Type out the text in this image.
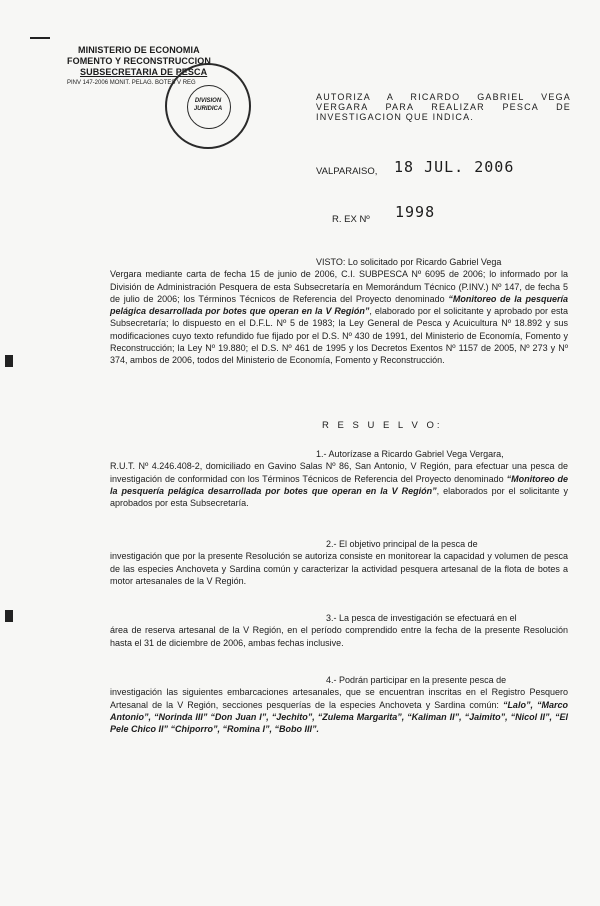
MINISTERIO DE ECONOMIA
FOMENTO Y RECONSTRUCCION
SUBSECRETARIA DE PESCA
PINV 147-2006 MONIT. PELAG. BOTES V REG
DIVISION
JURIDICA
AUTORIZA A RICARDO GABRIEL VEGA VERGARA PARA REALIZAR PESCA DE INVESTIGACION QUE INDICA.
VALPARAISO, 18 JUL. 2006
R. EX Nº 1998
VISTO: Lo solicitado por Ricardo Gabriel Vega
Vergara mediante carta de fecha 15 de junio de 2006, C.I. SUBPESCA Nº 6095 de 2006; lo informado por la División de Administración Pesquera de esta Subsecretaría en Memorándum Técnico (P.INV.) Nº 147, de fecha 5 de julio de 2006; los Términos Técnicos de Referencia del Proyecto denominado “Monitoreo de la pesquería pelágica desarrollada por botes que operan en la V Región”, elaborado por el solicitante y aprobado por esta Subsecretaría; lo dispuesto en el D.F.L. Nº 5 de 1983; la Ley General de Pesca y Acuicultura Nº 18.892 y sus modificaciones cuyo texto refundido fue fijado por el D.S. Nº 430 de 1991, del Ministerio de Economía, Fomento y Reconstrucción; la Ley Nº 19.880; el D.S. Nº 461 de 1995 y los Decretos Exentos Nº 1157 de 2005, Nº 273 y Nº 374, ambos de 2006, todos del Ministerio de Economía, Fomento y Reconstrucción.
R E S U E L V O:
1.- Autorízase a Ricardo Gabriel Vega Vergara,
R.U.T. Nº 4.246.408-2, domiciliado en Gavino Salas Nº 86, San Antonio, V Región, para efectuar una pesca de investigación de conformidad con los Términos Técnicos de Referencia del Proyecto denominado “Monitoreo de la pesquería pelágica desarrollada por botes que operan en la V Región”, elaborados por el solicitante y aprobados por esta Subsecretaría.
2.- El objetivo principal de la pesca de
investigación que por la presente Resolución se autoriza consiste en monitorear la capacidad y volumen de pesca de las especies Anchoveta y Sardina común y caracterizar la actividad pesquera artesanal de la flota de botes a motor artesanales de la V Región.
3.- La pesca de investigación se efectuará en el
área de reserva artesanal de la V Región, en el período comprendido entre la fecha de la presente Resolución hasta el 31 de diciembre de 2006, ambas fechas inclusive.
4.- Podrán participar en la presente pesca de
investigación las siguientes embarcaciones artesanales, que se encuentran inscritas en el Registro Pesquero Artesanal de la V Región, secciones pesquerías de la especies Anchoveta y Sardina común: “Lalo”, “Marco Antonio”, “Norinda III” “Don Juan I”, “Jechito”, “Zulema Margarita”, “Kaliman II”, “Jaimito”, “Nicol II”, “El Pele Chico II” “Chiporro”, “Romina I”, “Bobo III”.
